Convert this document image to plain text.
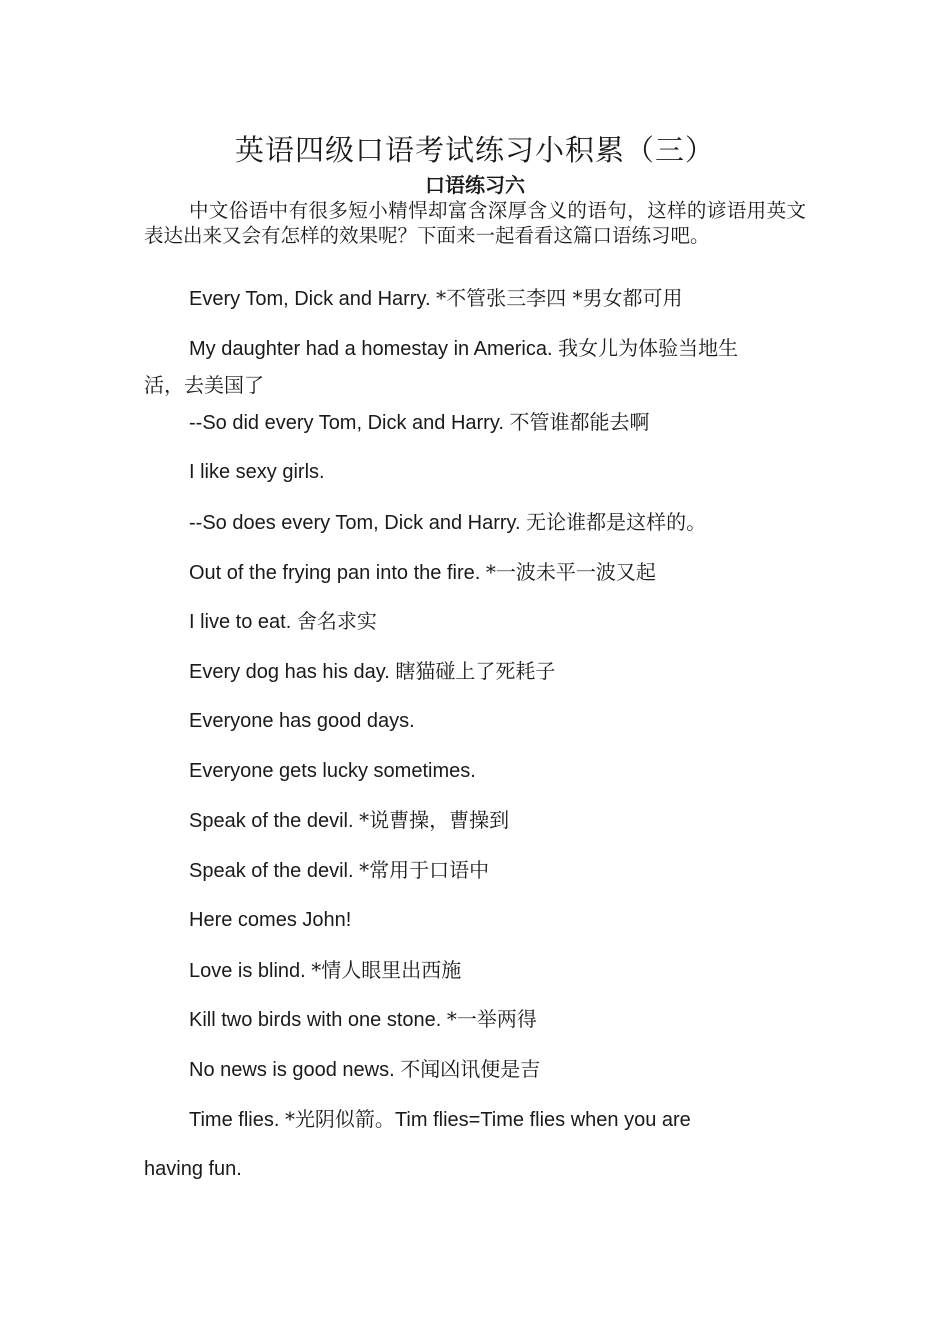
英语四级口语考试练习小积累（三）
口语练习六

中文俗语中有很多短小精悍却富含深厚含义的语句，这样的谚语用英文表达出来又会有怎样的效果呢？下面来一起看看这篇口语练习吧。

Every Tom, Dick and Harry. *不管张三李四 *男女都可用

My daughter had a homestay in America. 我女儿为体验当地生

活，去美国了

--So did every Tom, Dick and Harry. 不管谁都能去啊

I like sexy girls.

--So does every Tom, Dick and Harry. 无论谁都是这样的。

Out of the frying pan into the fire. *一波未平一波又起

I live to eat. 舍名求实

Every dog has his day. 瞎猫碰上了死耗子

Everyone has good days.

Everyone gets lucky sometimes.

Speak of the devil. *说曹操，曹操到

Speak of the devil. *常用于口语中

Here comes John!

Love is blind. *情人眼里出西施

Kill two birds with one stone. *一举两得

No news is good news. 不闻凶讯便是吉

Time flies. *光阴似箭。Tim flies=Time flies when you are

having fun.
